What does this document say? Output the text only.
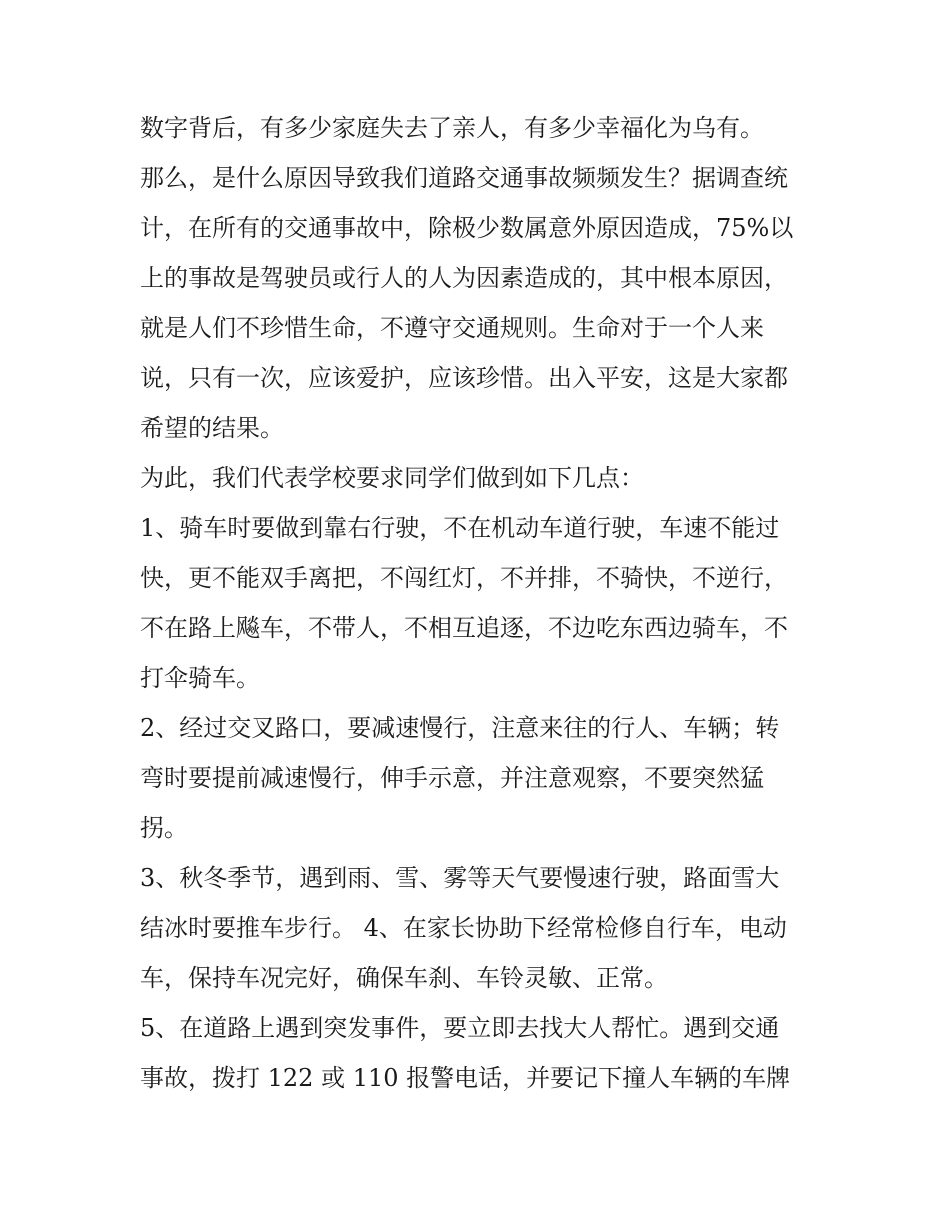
数字背后，有多少家庭失去了亲人，有多少幸福化为乌有。
那么，是什么原因导致我们道路交通事故频频发生？据调查统
计，在所有的交通事故中，除极少数属意外原因造成，75%以
上的事故是驾驶员或行人的人为因素造成的，其中根本原因，
就是人们不珍惜生命，不遵守交通规则。生命对于一个人来
说，只有一次，应该爱护，应该珍惜。出入平安，这是大家都
希望的结果。
为此，我们代表学校要求同学们做到如下几点：
1、骑车时要做到靠右行驶，不在机动车道行驶，车速不能过
快，更不能双手离把，不闯红灯，不并排，不骑快，不逆行，
不在路上飚车，不带人，不相互追逐，不边吃东西边骑车，不
打伞骑车。
2、经过交叉路口，要减速慢行，注意来往的行人、车辆；转
弯时要提前减速慢行，伸手示意，并注意观察，不要突然猛
拐。
3、秋冬季节，遇到雨、雪、雾等天气要慢速行驶，路面雪大
结冰时要推车步行。 4、在家长协助下经常检修自行车，电动
车，保持车况完好，确保车刹、车铃灵敏、正常。
5、在道路上遇到突发事件，要立即去找大人帮忙。遇到交通
事故，拨打 122 或 110 报警电话，并要记下撞人车辆的车牌
